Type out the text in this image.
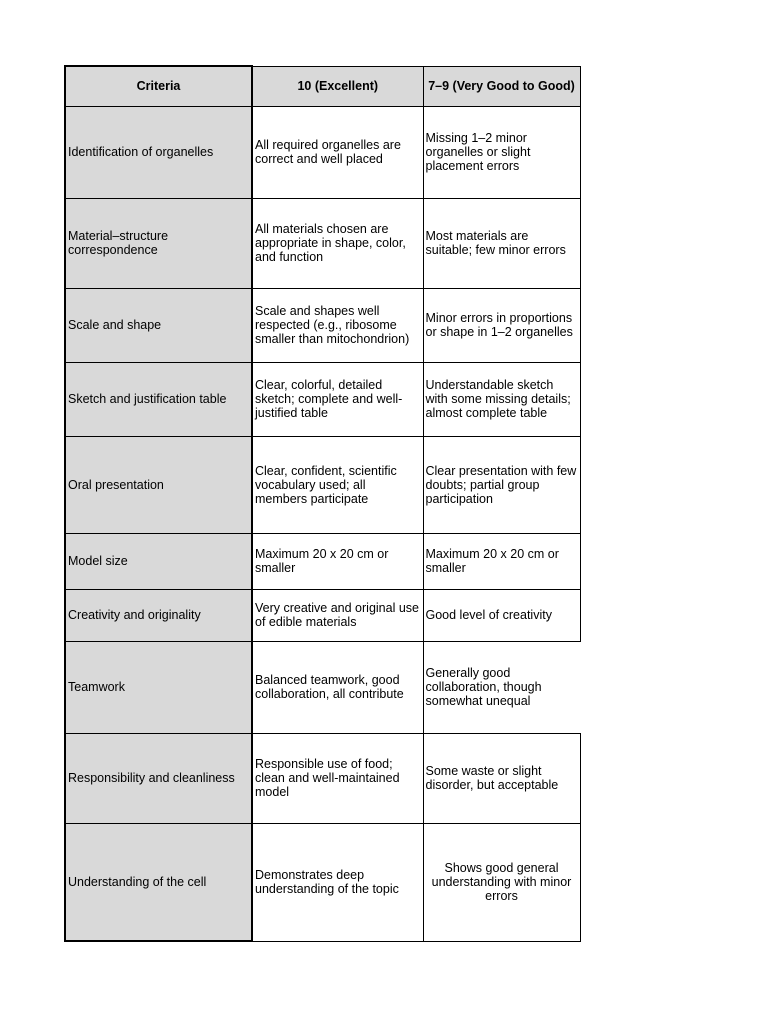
Criteria	10 (Excellent)	7–9 (Very Good to Good)
Identification of organelles	All required organelles are correct and well placed	Missing 1–2 minor organelles or slight placement errors
Material–structure correspondence	All materials chosen are appropriate in shape, color, and function	Most materials are suitable; few minor errors
Scale and shape	Scale and shapes well respected (e.g., ribosome smaller than mitochondrion)	Minor errors in proportions or shape in 1–2 organelles
Sketch and justification table	Clear, colorful, detailed sketch; complete and well-justified table	Understandable sketch with some missing details; almost complete table
Oral presentation	Clear, confident, scientific vocabulary used; all members participate	Clear presentation with few doubts; partial group participation
Model size	Maximum 20 x 20 cm or smaller	Maximum 20 x 20 cm or smaller
Creativity and originality	Very creative and original use of edible materials	Good level of creativity
Teamwork	Balanced teamwork, good collaboration, all contribute	Generally good collaboration, though somewhat unequal
Responsibility and cleanliness	Responsible use of food; clean and well-maintained model	Some waste or slight disorder, but acceptable
Understanding of the cell	Demonstrates deep understanding of the topic	Shows good general understanding with minor errors
